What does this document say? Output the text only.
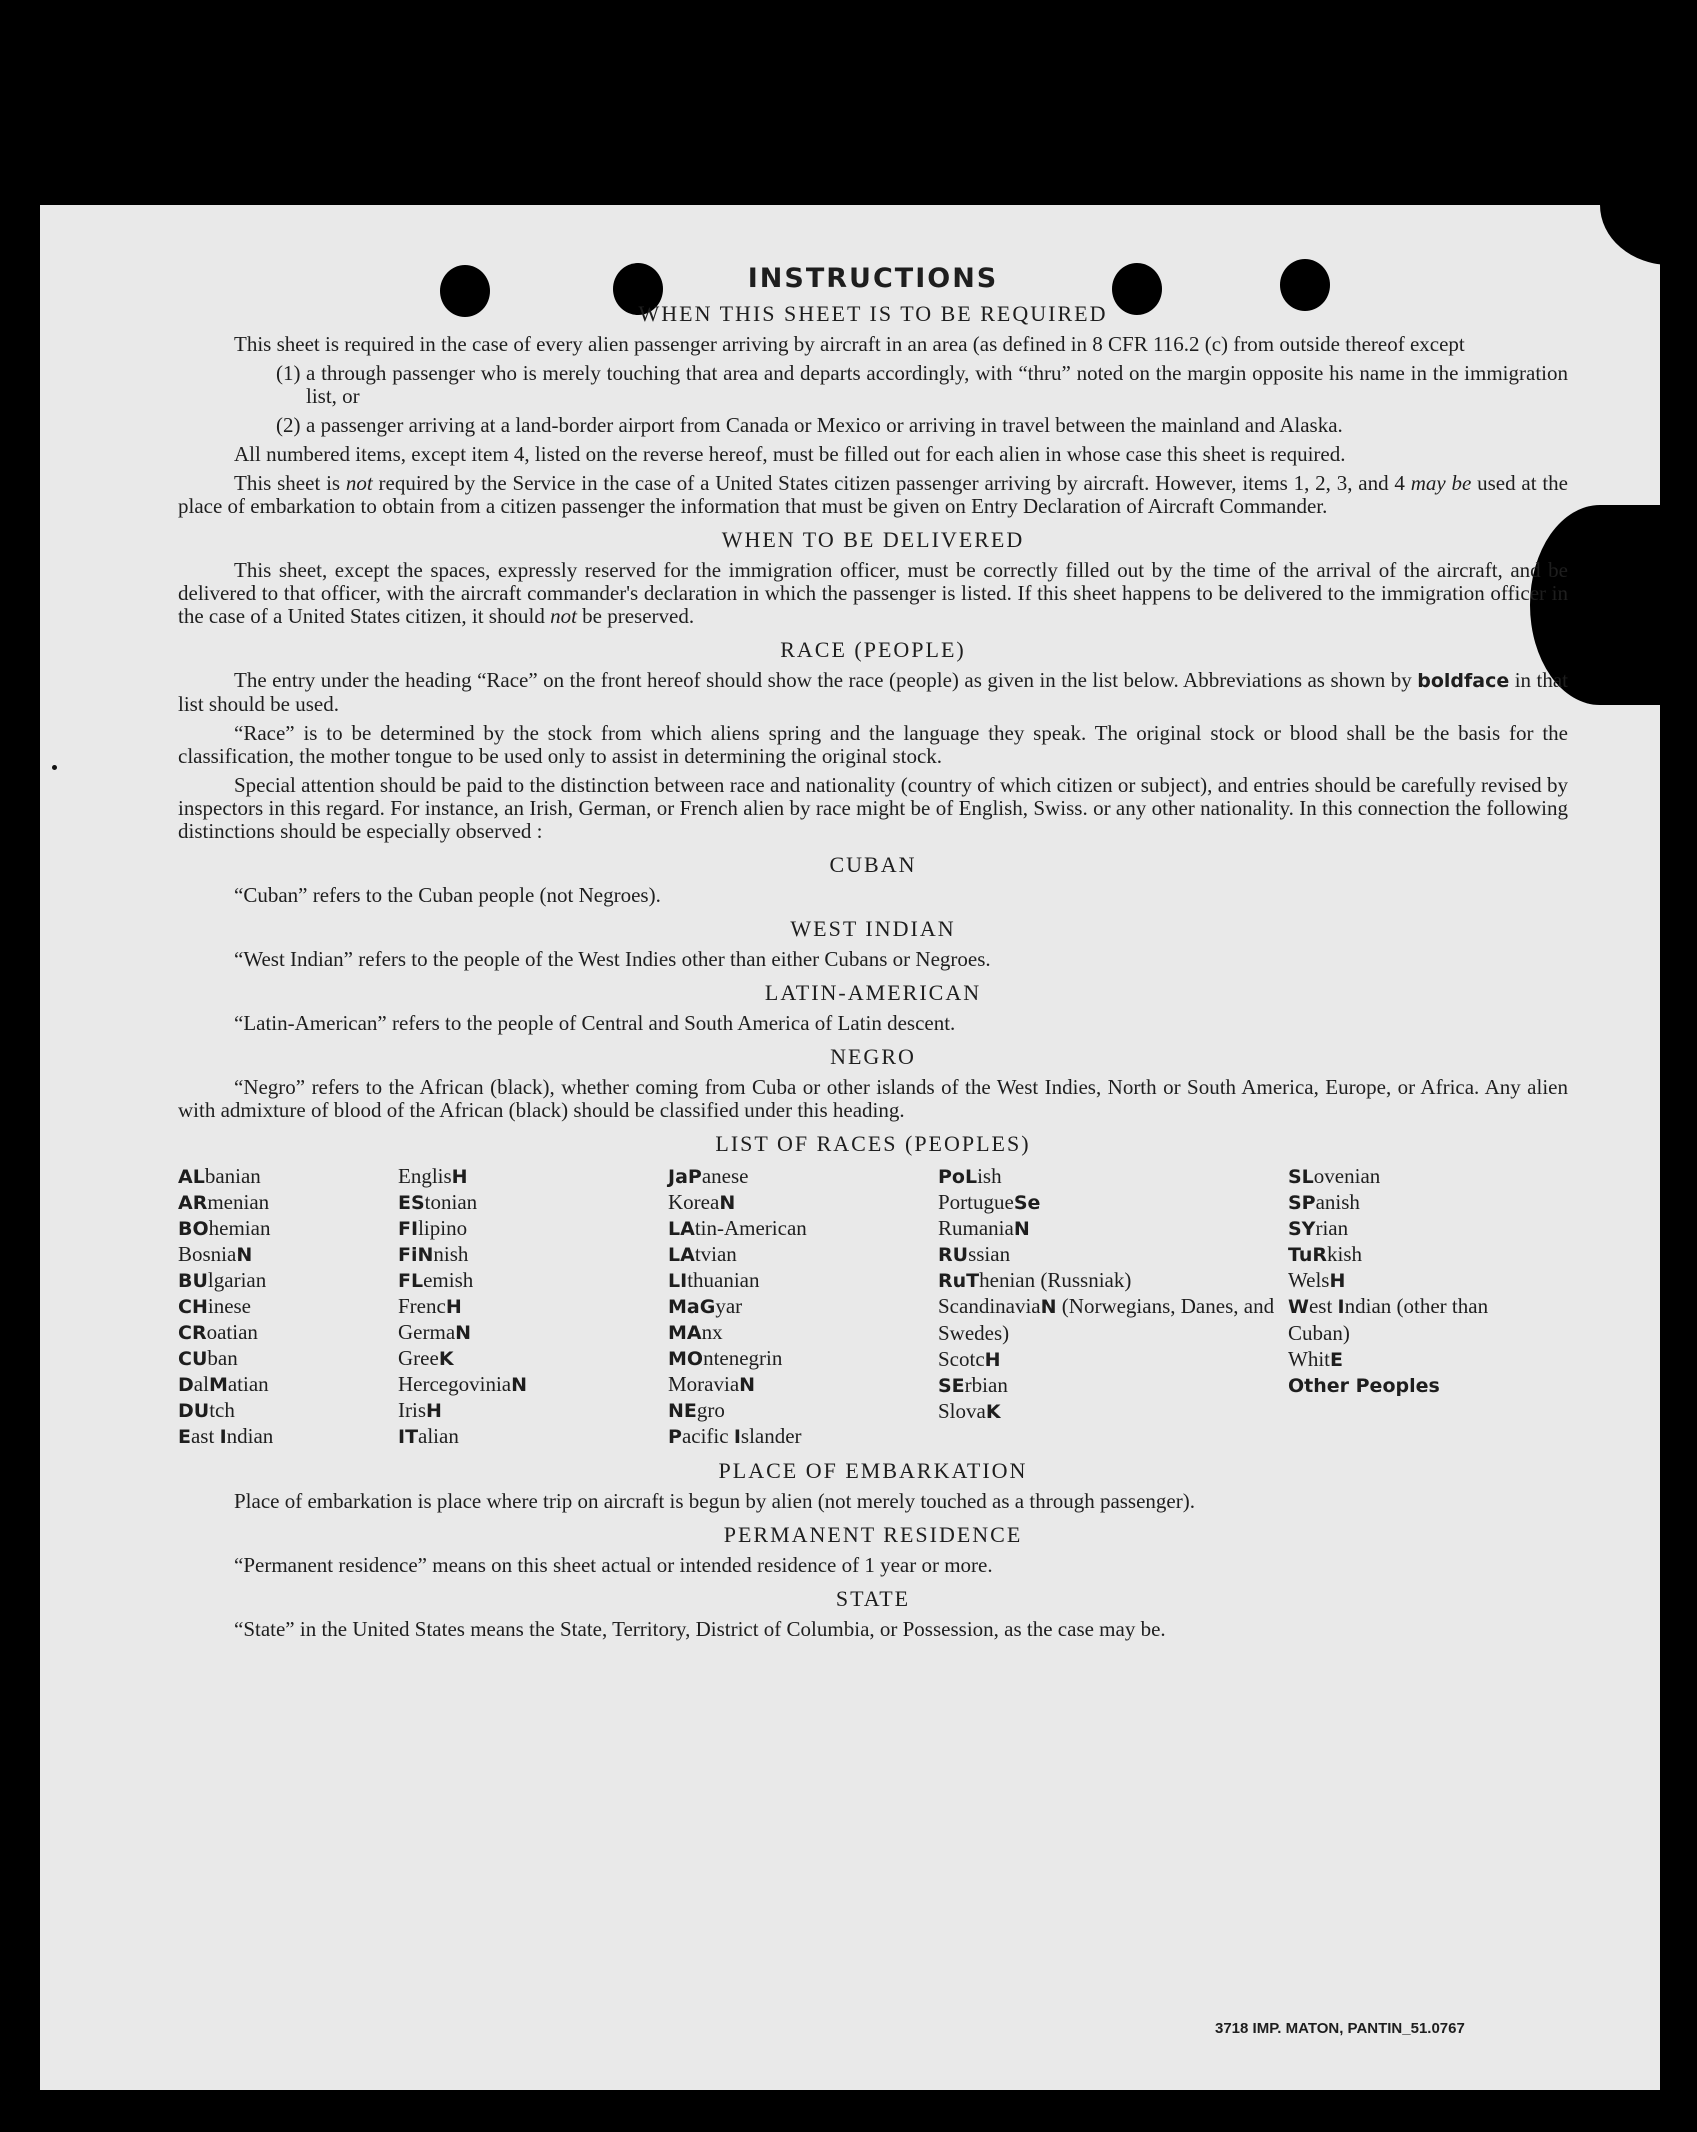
INSTRUCTIONS
WHEN THIS SHEET IS TO BE REQUIRED

This sheet is required in the case of every alien passenger arriving by aircraft in an area (as defined in 8 CFR 116.2 (c) from outside thereof except

(1) a through passenger who is merely touching that area and departs accordingly, with “thru” noted on the margin opposite his name in the immigration list, or
(2) a passenger arriving at a land-border airport from Canada or Mexico or arriving in travel between the mainland and Alaska.

All numbered items, except item 4, listed on the reverse hereof, must be filled out for each alien in whose case this sheet is required.

This sheet is not required by the Service in the case of a United States citizen passenger arriving by aircraft. However, items 1, 2, 3, and 4 may be used at the place of embarkation to obtain from a citizen passenger the information that must be given on Entry Declaration of Aircraft Commander.

WHEN TO BE DELIVERED

This sheet, except the spaces, expressly reserved for the immigration officer, must be correctly filled out by the time of the arrival of the aircraft, and be delivered to that officer, with the aircraft commander's declaration in which the passenger is listed. If this sheet happens to be delivered to the immigration officer in the case of a United States citizen, it should not be preserved.

RACE (PEOPLE)

The entry under the heading “Race” on the front hereof should show the race (people) as given in the list below. Abbreviations as shown by boldface in that list should be used.

“Race” is to be determined by the stock from which aliens spring and the language they speak. The original stock or blood shall be the basis for the classification, the mother tongue to be used only to assist in determining the original stock.

Special attention should be paid to the distinction between race and nationality (country of which citizen or subject), and entries should be carefully revised by inspectors in this regard. For instance, an Irish, German, or French alien by race might be of English, Swiss. or any other nationality. In this connection the following distinctions should be especially observed :

CUBAN

“Cuban” refers to the Cuban people (not Negroes).

WEST INDIAN

“West Indian” refers to the people of the West Indies other than either Cubans or Negroes.

LATIN-AMERICAN

“Latin-American” refers to the people of Central and South America of Latin descent.

NEGRO

“Negro” refers to the African (black), whether coming from Cuba or other islands of the West Indies, North or South America, Europe, or Africa. Any alien with admixture of blood of the African (black) should be classified under this heading.

LIST OF RACES (PEOPLES)
ALbanian
ARmenian
BOhemian
BosniaN
BUlgarian
CHinese
CRoatian
CUban
DalMatian
DUtch
East Indian
EnglisH
EStonian
FIlipino
FiNnish
FLemish
FrencH
GermaN
GreeK
HercegoviniaN
IrisH
ITalian
JaPanese
KoreaN
LAtin-American
LAtvian
LIthuanian
MaGyar
MAnx
MOntenegrin
MoraviaN
NEgro
Pacific Islander
PoLish
PortugueSe
RumaniaN
RUssian
RuThenian (Russniak)
ScandinaviaN (Norwegians, Danes, and Swedes)
ScotcH
SErbian
SlovaK
SLovenian
SPanish
SYrian
TuRkish
WelsH
West Indian (other than Cuban)
WhitE
Other Peoples
PLACE OF EMBARKATION

Place of embarkation is place where trip on aircraft is begun by alien (not merely touched as a through passenger).

PERMANENT RESIDENCE

“Permanent residence” means on this sheet actual or intended residence of 1 year or more.

STATE

“State” in the United States means the State, Territory, District of Columbia, or Possession, as the case may be.

3718 IMP. MATON, PANTIN_51.0767
